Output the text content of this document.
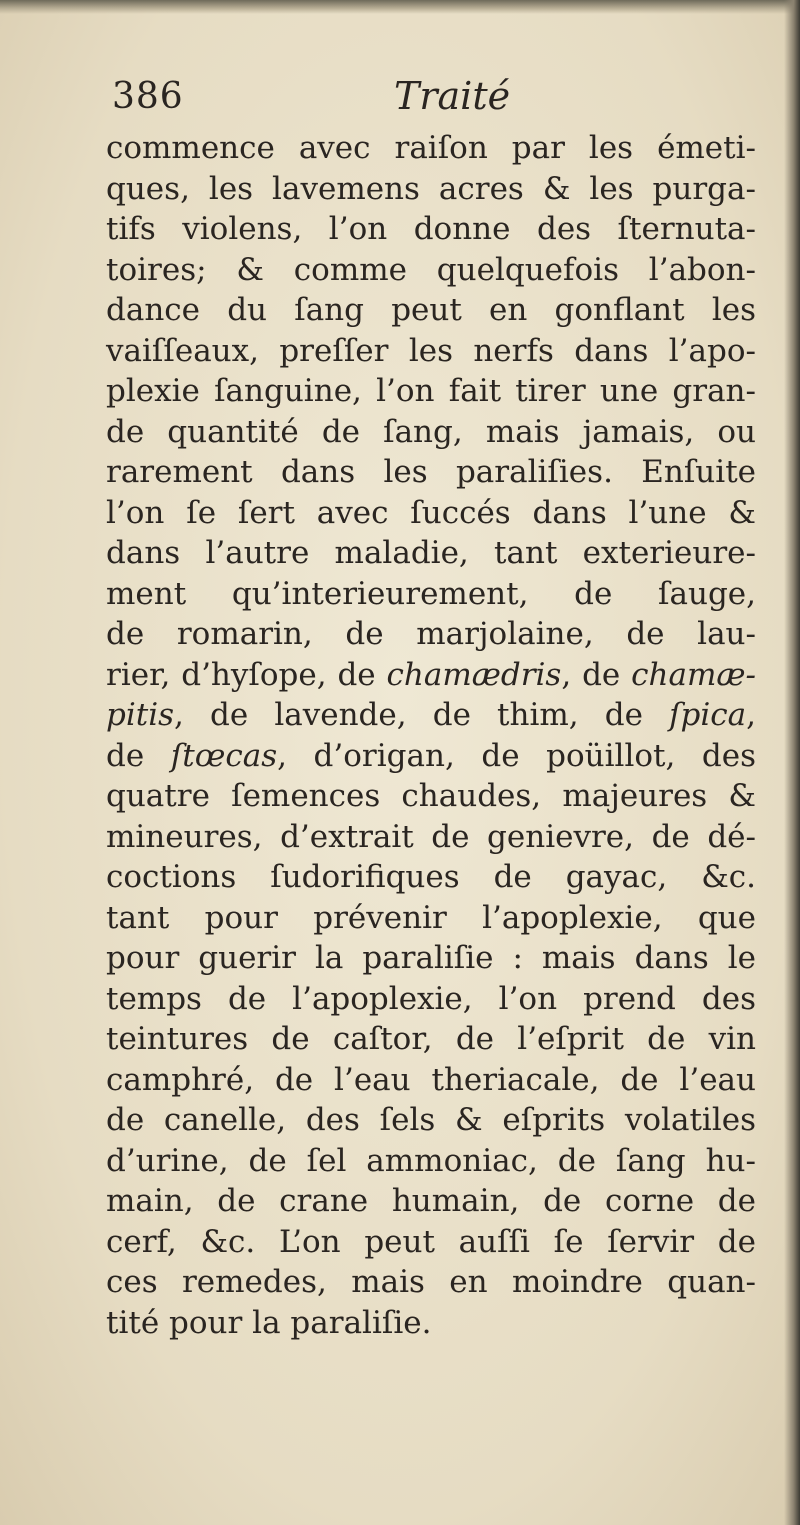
386	Traité
commence avec raiſon par les émeti-
ques, les lavemens acres & les purga-
tifs violens, l’on donne des ſternuta-
toires; & comme quelquefois l’abon-
dance du ſang peut en gonflant les
vaiſſeaux, preſſer les nerfs dans l’apo-
plexie ſanguine, l’on fait tirer une gran-
de quantité de ſang, mais jamais, ou
rarement dans les paraliſies. Enſuite
l’on ſe ſert avec ſuccés dans l’une &
dans l’autre maladie, tant exterieure-
ment qu’interieurement, de ſauge,
de romarin, de marjolaine, de lau-
rier, d’hyſope, de chamædris, de chamæ-
pitis, de lavende, de thim, de ſpica,
de ſtœcas, d’origan, de poüillot, des
quatre ſemences chaudes, majeures &
mineures, d’extrait de genievre, de dé-
coctions ſudorifiques de gayac, &c.
tant pour prévenir l’apoplexie, que
pour guerir la paraliſie : mais dans le
temps de l’apoplexie, l’on prend des
teintures de caſtor, de l’eſprit de vin
camphré, de l’eau theriacale, de l’eau
de canelle, des ſels & eſprits volatiles
d’urine, de ſel ammoniac, de ſang hu-
main, de crane humain, de corne de
cerf, &c. L’on peut auſſi ſe ſervir de
ces remedes, mais en moindre quan-
tité pour la paraliſie.
